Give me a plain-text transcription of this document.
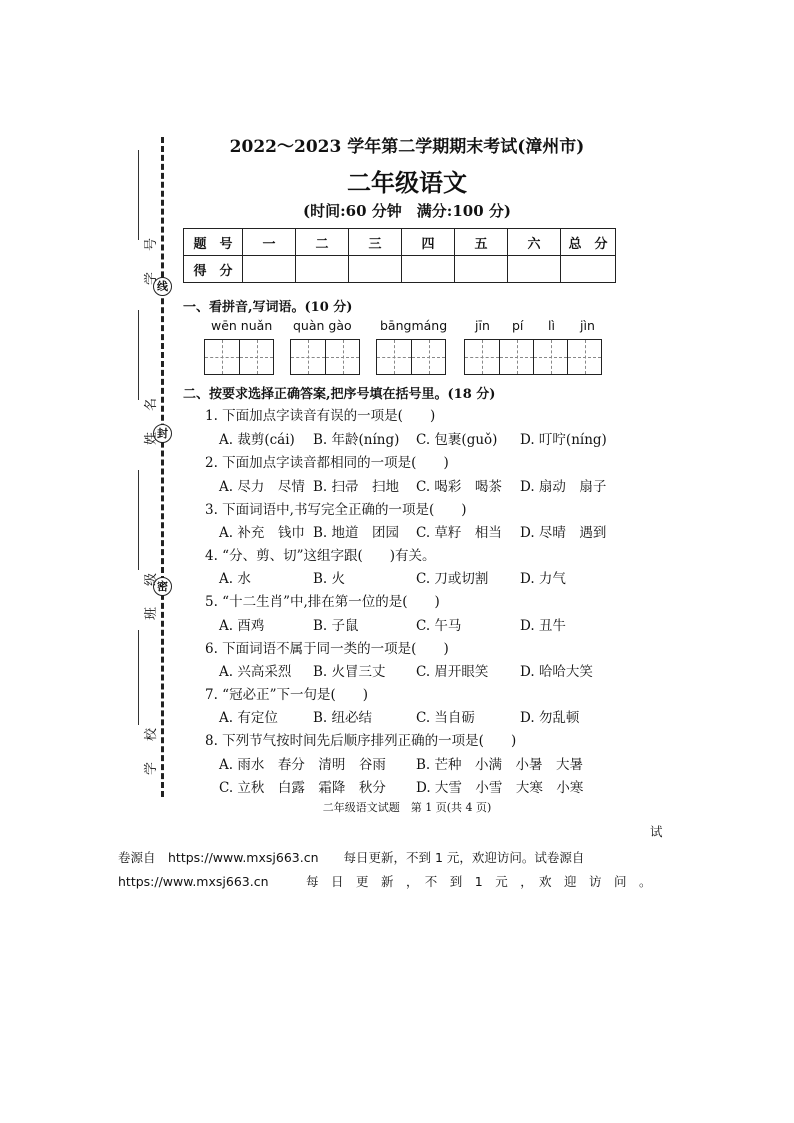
线
封
密
学　号
姓　名
班　级
学　校
2022～2023 学年第二学期期末考试(漳州市)
二年级语文
(时间:60 分钟　满分:100 分)
题　号	一	二	三	四	五	六	总　分
得　分							
一、看拼音,写词语。(10 分)
wēn nuǎn quàn gào bāngmáng jīn pí lì jìn
二、按要求选择正确答案,把序号填在括号里。(18 分)
1. 下面加点字读音有误的一项是(　　)
A. 裁剪(cái) B. 年龄(níng) C. 包裹(guǒ) D. 叮咛(níng)
2. 下面加点字读音都相同的一项是(　　)
A. 尽力　尽情 B. 扫帚　扫地 C. 喝彩　喝茶 D. 扇动　扇子
3. 下面词语中,书写完全正确的一项是(　　)
A. 补充　钱巾 B. 地道　团园 C. 草籽　相当 D. 尽晴　遇到
4. “分、剪、切”这组字跟(　　)有关。
A. 水	B. 火	C. 刀或切割 D. 力气
5. “十二生肖”中,排在第一位的是(　　)
A. 酉鸡	B. 子鼠	C. 午马	D. 丑牛
6. 下面词语不属于同一类的一项是(　　)
A. 兴高采烈 B. 火冒三丈 C. 眉开眼笑 D. 哈哈大笑
7. “冠必正”下一句是(　　)
A. 有定位	B. 纽必结	C. 当自砺	D. 勿乱顿
8. 下列节气按时间先后顺序排列正确的一项是(　　)
A. 雨水　春分　清明　谷雨 B. 芒种　小满　小暑　大暑
C. 立秋　白露　霜降　秋分 D. 大雪　小雪　大寒　小寒
二年级语文试题　第 1 页(共 4 页)
试
卷源自　https://www.mxsj663.cn　　每日更新，不到 1 元，欢迎访问。试卷源自
https://www.mxsj663.cn　　　每　日　更　新　，　不　到　1　元　，　欢　迎　访　问　。
